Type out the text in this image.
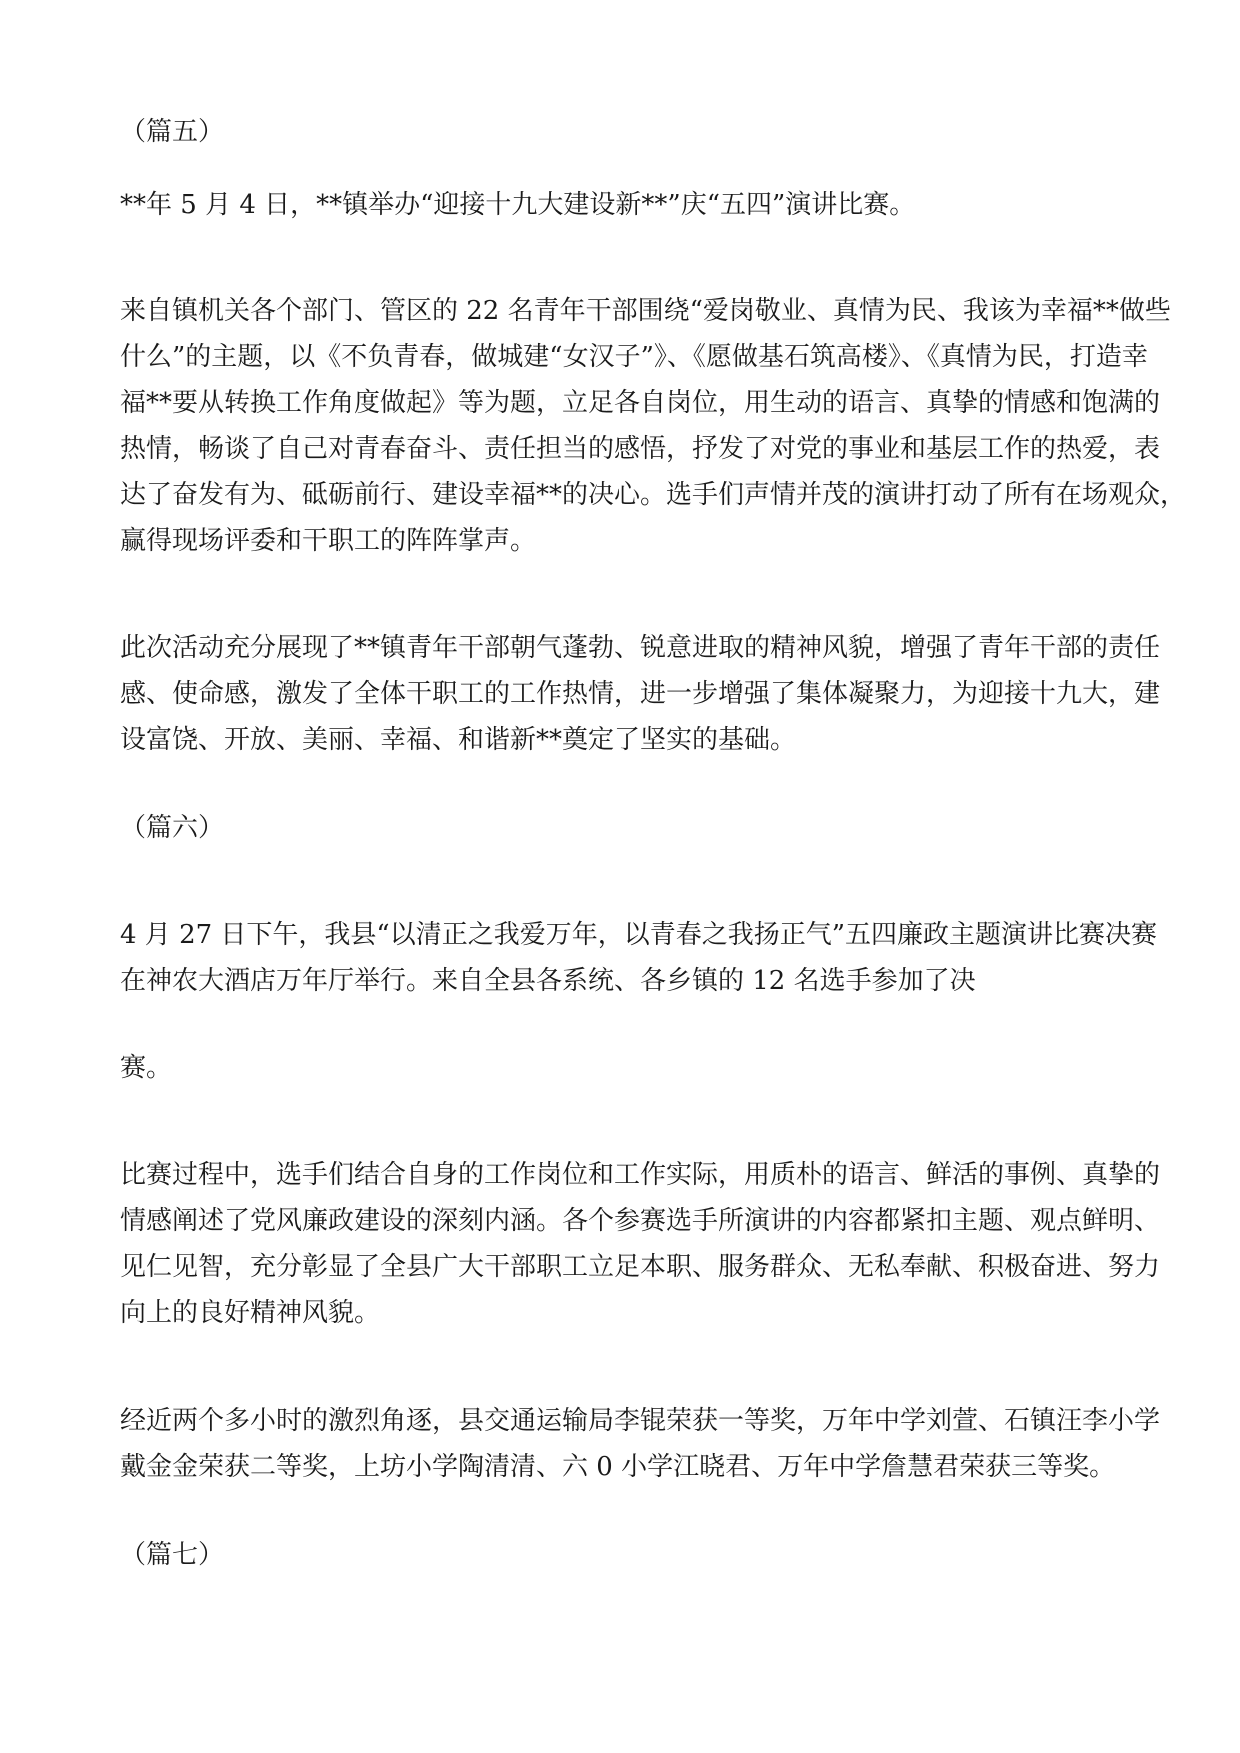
（篇五）
**年 5 月 4 日，**镇举办“迎接十九大建设新**”庆“五四”演讲比赛。
来自镇机关各个部门、管区的 22 名青年干部围绕“爱岗敬业、真情为民、我该为幸福**做些
什么”的主题，以《不负青春，做城建“女汉子”》、《愿做基石筑高楼》、《真情为民，打造幸
福**要从转换工作角度做起》等为题，立足各自岗位，用生动的语言、真挚的情感和饱满的
热情，畅谈了自己对青春奋斗、责任担当的感悟，抒发了对党的事业和基层工作的热爱，表
达了奋发有为、砥砺前行、建设幸福**的决心。选手们声情并茂的演讲打动了所有在场观众，
赢得现场评委和干职工的阵阵掌声。
此次活动充分展现了**镇青年干部朝气蓬勃、锐意进取的精神风貌，增强了青年干部的责任
感、使命感，激发了全体干职工的工作热情，进一步增强了集体凝聚力，为迎接十九大，建
设富饶、开放、美丽、幸福、和谐新**奠定了坚实的基础。
（篇六）
4 月 27 日下午，我县“以清正之我爱万年，以青春之我扬正气”五四廉政主题演讲比赛决赛
在神农大酒店万年厅举行。来自全县各系统、各乡镇的 12 名选手参加了决
赛。
比赛过程中，选手们结合自身的工作岗位和工作实际，用质朴的语言、鲜活的事例、真挚的
情感阐述了党风廉政建设的深刻内涵。各个参赛选手所演讲的内容都紧扣主题、观点鲜明、
见仁见智，充分彰显了全县广大干部职工立足本职、服务群众、无私奉献、积极奋进、努力
向上的良好精神风貌。
经近两个多小时的激烈角逐，县交通运输局李锟荣获一等奖，万年中学刘萱、石镇汪李小学
戴金金荣获二等奖，上坊小学陶清清、六 0 小学江晓君、万年中学詹慧君荣获三等奖。
（篇七）
